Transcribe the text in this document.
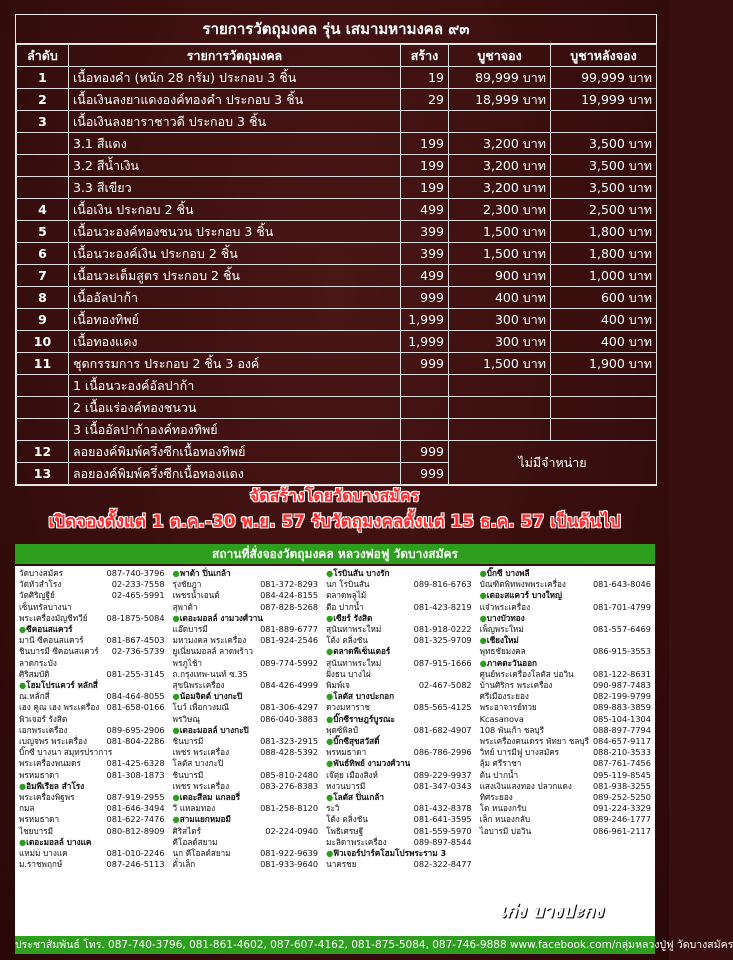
รายการวัตถุมงคล รุ่น เสมามหามงคล ๙๓
ลำดับ	รายการวัตถุมงคล	สร้าง	บูชาจอง	บูชาหลังจอง
1	เนื้อทองคำ (หนัก 28 กรัม) ประกอบ 3 ชิ้น	19	89,999 บาท	99,999 บาท
2	เนื้อเงินลงยาแดงองค์ทองคำ ประกอบ 3 ชิ้น	29	18,999 บาท	19,999 บาท
3	เนื้อเงินลงยาราชาวดี ประกอบ 3 ชิ้น			
	3.1 สีแดง	199	3,200 บาท	3,500 บาท
	3.2 สีน้ำเงิน	199	3,200 บาท	3,500 บาท
	3.3 สีเขียว	199	3,200 บาท	3,500 บาท
4	เนื้อเงิน ประกอบ 2 ชิ้น	499	2,300 บาท	2,500 บาท
5	เนื้อนวะองค์ทองชนวน ประกอบ 3 ชิ้น	399	1,500 บาท	1,800 บาท
6	เนื้อนวะองค์เงิน ประกอบ 2 ชิ้น	399	1,500 บาท	1,800 บาท
7	เนื้อนวะเต็มสูตร ประกอบ 2 ชิ้น	499	900 บาท	1,000 บาท
8	เนื้ออัลปาก้า	999	400 บาท	600 บาท
9	เนื้อทองทิพย์	1,999	300 บาท	400 บาท
10	เนื้อทองแดง	1,999	300 บาท	400 บาท
11	ชุดกรรมการ ประกอบ 2 ชิ้น 3 องค์	999	1,500 บาท	1,900 บาท
	1 เนื้อนวะองค์อัลปาก้า			
	2 เนื้อแร่องค์ทองชนวน			
	3 เนื้ออัลปาก้าองค์ทองทิพย์			
12	ลอยองค์พิมพ์ครึ่งซีกเนื้อทองทิพย์	999	ไม่มีจำหน่าย	
13	ลอยองค์พิมพ์ครึ่งซีกเนื้อทองแดง	999		
จัดสร้างโดยวัดบางสมัคร
เปิดจองตั้งแต่ 1 ต.ค.-30 พ.ย. 57 รับวัตถุมงคลตั้งแต่ 15 ธ.ค. 57 เป็นต้นไป
สถานที่สั่งจองวัตถุมงคล หลวงพ่อฟู วัดบางสมัคร
วัดบางสมัคร	087-740-3796
วัดหัวสำโรง	02-233-7558
วัดศิริญฐีย์	02-465-5991
เซ็นทรัลบางนา
พระเครื่องมัญชีทวีย์ 08-1875-5084
● ซีคอนสแควร์
มานี ซีคอนสแควร์	081-867-4503
ชินบารมี ซีคอนสแควร์ 02-736-5739
ลาดกระบัง
ศิริสมบัติ	081-255-3145
● โฮมโปรแควร์ หลักสี่
ณ.หลักสี่	084-464-8055
เฮง คูณ เฮง พระเครื่อง 081-658-0166
พิวเจอร์ รังสิต
เอกพระเครื่อง	089-695-2906
เบญจพร พระเครื่อง 081-804-2286
บิ๊กซี บางนา สมุทรปราการ
พระเครื่องพนมดร	081-425-6328
พรหมธาดา	081-308-1873
● อิมพีเรียล สำโรง
พระเครื่องพิฐพร	087-919-2955
กมล	081-646-3494
พรหมธาดา	081-622-7476
ไชยบารมี	080-812-8909
● เดอะมอลล์ บางแค
แหม่ม บางแค	081-010-2246
ม.ราชพฤกษ์	087-246-5113
● พาต้า ปิ่นเกล้า
รุ่งชัยฎา	081-372-8293
เพชรน้ำเอนต์	084-424-8155
สุพาต้า	087-828-5268
● เดอะมอลล์ งามวงศ์วาน
แอ๊ดบารมี	081-889-6777
มหามงคล พระเครื่อง 081-924-2546
ยูเนี่ยนมอลล์ ลาดพร้าว
พรภูไช้า	089-774-5992
ถ.กรุงเทพ-นนท์ ซ.35
สุขนิพระเครื่อง	084-426-4999
● น้อมจิตต์ บางกะปิ
โบว์ เพื่อกวงมณี	081-306-4297
พรวิษณุ	086-040-3883
● เดอะมอลล์ บางกะปิ
ชินบารมี	081-323-2915
เพชร พระเครื่อง	088-428-5392
โลตัส บางกะปิ
ชินบารมี	085-810-2480
เพชร พระเครื่อง	083-276-8383
● เดอะสีลม แกลอรี่
วี แหลมทอง	081-258-8120
● สามแยกหมอมี
ศิริสไตร์	02-224-0940
คีโอลด์สยาม
นก คีโอลด์สยาม	081-922-9639
ตั๋วเล็ก	081-933-9640
● โรบินสัน บางรัก
นก โรบินสัน	089-816-6763
ตลาดพลูไม้
ตือ ปากน้ำ	081-423-8219
● เซียร์ รังสิต
สุนันทาพระใหม่	081-918-0222
โต้ง ตลิ่งชัน	081-325-9709
● ตลาดพีเซ็นเตอร์
สุนันทาพระใหม่	087-915-1666
ฝั่งธน บางไผ่
พิมพ์เจ	02-467-5082
● โลตัส บางปะกอก
ดวงมหาราช	085-565-4125
● บิ๊กซีราษฎร์บูรณะ
พุดซ์พิลป์	081-682-4907
● บิ๊กซีสุขสวัสดิ์
พรหมธาดา	086-786-2996
● พันธ์ทิพย์ งามวงศ์วาน
เจ๊ตุ่ย เมืองสิงห์	089-229-9937
หงวนบารมี	081-347-0343
● โลตัส ปิ่นเกล้า
ระวิ	081-432-8378
โต้ง ตลิ่งชัน	081-641-3595
โพธิเศรษฐี	081-559-5970
มะลิดาพระเครื่อง	089-897-8544
● ฟิวเจอร์ปาร์คโฮมโปรพระราม 3
นาครชย	082-322-8477
● บิ๊กซี บางพลี
บัณฑิตพิทพงพพระเครื่อง	081-643-8046
● เดอะสแควร์ บางใหญ่
แจ๋วพระเครื่อง	081-701-4799
● บางบัวทอง
เพ็ญพระใหม่	081-557-6469
● เชียงใหม่
พุทธชัยมงคล	086-915-3553
● ภาคตะวันออก
ศูนย์พระเครื่องโลตัส บ่อวิน 081-122-8631
บ้านศิริกร พระเครื่อง	090-987-7483
ศรีเมืองระยอง	082-199-9799
พระอาจารย์ทวย	089-883-3859
Kcasanova	085-104-1304
108 พันเก้า ชลบุรี	088-897-7794
พระเครื่องคนเดรร พัทยา ชลบุรี 084-657-9117
วิทย์ บารมีฟู บางสมัคร	088-210-3533
ลุ้ม ศรีราชา	087-761-7456
ต้น ปากน้ำ	095-119-8545
แสงเงินแสงทอง ปลวกแดง	081-938-3255
ทิศระยอง	089-252-5250
โต หนองกรับ	091-224-3329
เล็ก หนองกลับ	089-246-1777
ไอบารมี บ่อวิน	086-961-2117
เก่ง บางปะกง
ประชาสัมพันธ์ โทร. 087-740-3796, 081-861-4602, 087-607-4162, 081-875-5084, 087-746-9888 www.facebook.com/กลุ่มหลวงปู่ฟู วัดบางสมัคร
